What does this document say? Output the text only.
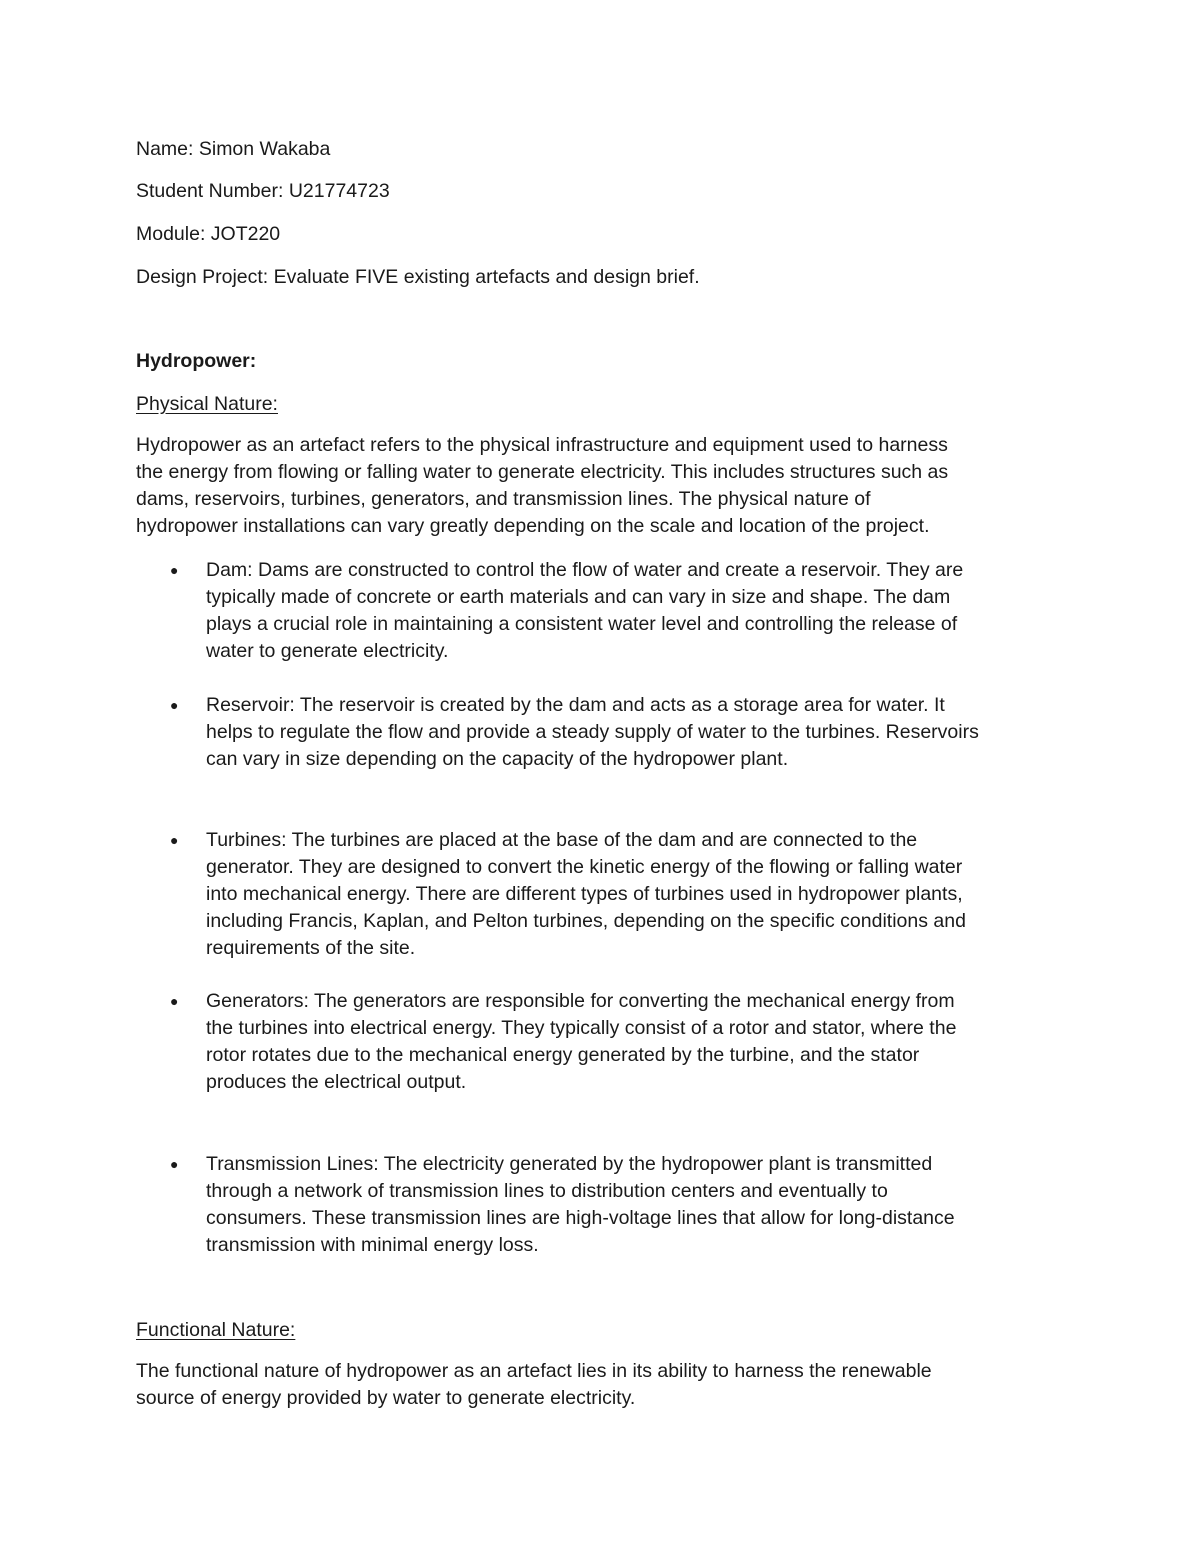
Name: Simon Wakaba
Student Number: U21774723
Module: JOT220
Design Project: Evaluate FIVE existing artefacts and design brief.
Hydropower:
Physical Nature:
Hydropower as an artefact refers to the physical infrastructure and equipment used to harness
the energy from flowing or falling water to generate electricity. This includes structures such as
dams, reservoirs, turbines, generators, and transmission lines. The physical nature of
hydropower installations can vary greatly depending on the scale and location of the project.
● Dam: Dams are constructed to control the flow of water and create a reservoir. They are
typically made of concrete or earth materials and can vary in size and shape. The dam
plays a crucial role in maintaining a consistent water level and controlling the release of
water to generate electricity.
● Reservoir: The reservoir is created by the dam and acts as a storage area for water. It
helps to regulate the flow and provide a steady supply of water to the turbines. Reservoirs
can vary in size depending on the capacity of the hydropower plant.
● Turbines: The turbines are placed at the base of the dam and are connected to the
generator. They are designed to convert the kinetic energy of the flowing or falling water
into mechanical energy. There are different types of turbines used in hydropower plants,
including Francis, Kaplan, and Pelton turbines, depending on the specific conditions and
requirements of the site.
● Generators: The generators are responsible for converting the mechanical energy from
the turbines into electrical energy. They typically consist of a rotor and stator, where the
rotor rotates due to the mechanical energy generated by the turbine, and the stator
produces the electrical output.
● Transmission Lines: The electricity generated by the hydropower plant is transmitted
through a network of transmission lines to distribution centers and eventually to
consumers. These transmission lines are high-voltage lines that allow for long-distance
transmission with minimal energy loss.
Functional Nature:
The functional nature of hydropower as an artefact lies in its ability to harness the renewable
source of energy provided by water to generate electricity.
